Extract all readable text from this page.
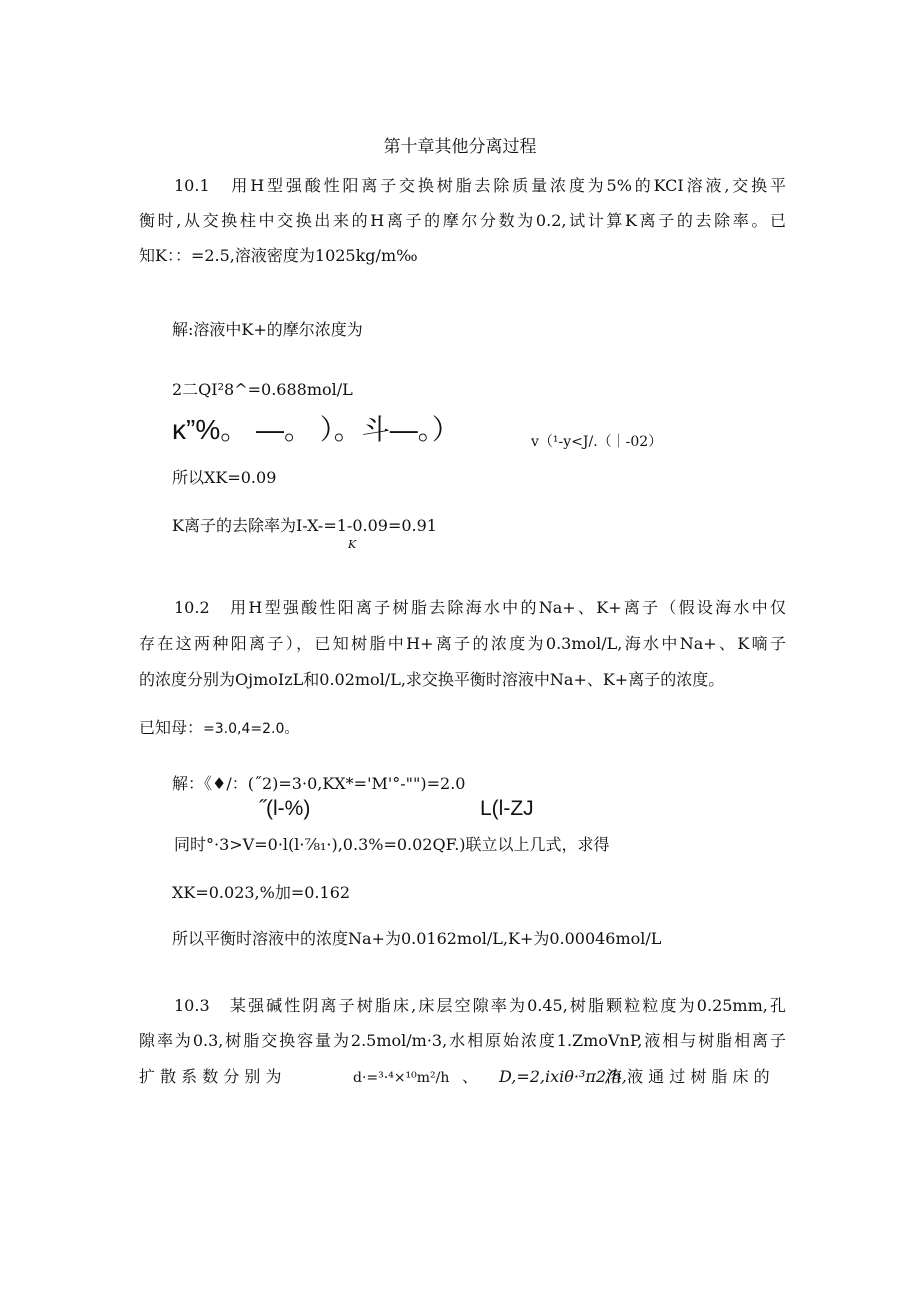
第十章其他分离过程
10.1　用H型强酸性阳离子交换树脂去除质量浓度为5%的KCI溶液,交换平
衡时,从交换柱中交换出来的H离子的摩尔分数为0.2,试计算K离子的去除率。已
知K：：=2.5,溶液密度为1025kg∕m‰
解:溶液中K+的摩尔浓度为
2二QI²8^=0.688mol∕L
κ”%。 —。 ）。斗—。）	v（¹-y<J/.（｜-02）
所以XK=0.09
K离子的去除率为I-X-=1-0.09=0.91
K
10.2　用H型强酸性阳离子树脂去除海水中的Na+、K+离子（假设海水中仅
存在这两种阳离子），已知树脂中H+离子的浓度为0.3mol∕L,海水中Na+、K嘀子
的浓度分别为OjmoIzL和0.02mol∕L,求交换平衡时溶液中Na+、K+离子的浓度。
已知母：=3.0,4=2.0。
解：《♦/：(˝2)=3·0,KX*='M'°-"")=2.0
˝(l-%)	L(l-ZJ
同时°·3>V=0·l(l·⅞₁·),0.3%=0.02QF.)联立以上几式，求得
XK=0.023,%加=0.162
所以平衡时溶液中的浓度Na+为0.0162mol∕L,K+为0.00046mol/L
10.3　某强碱性阴离子树脂床,床层空隙率为0.45,树脂颗粒粒度为0.25mm,孔
隙率为0.3,树脂交换容量为2.5mol∕m·3,水相原始浓度1.ZmoVnP,液相与树脂相离子
扩 散 系 数 分 别 为	d·=³·⁴×¹⁰m²∕h 、 D,=2,ixiθ·³π2∕h,
溶 液 通 过 树 脂 床 的
